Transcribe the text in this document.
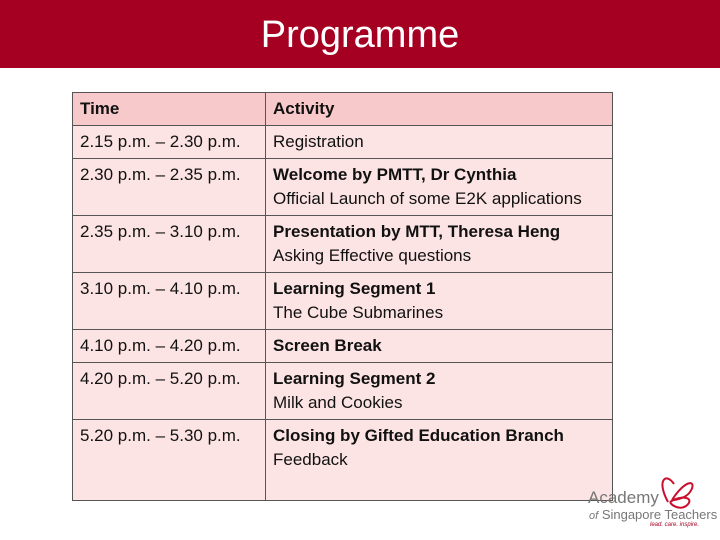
Programme
Time	Activity
2.15 p.m. – 2.30 p.m.	Registration

2.30 p.m. – 2.35 p.m.	Welcome by PMTT, Dr Cynthia
Official Launch of some E2K applications

2.35 p.m. – 3.10 p.m.	Presentation by MTT, Theresa Heng
Asking Effective questions

3.10 p.m. – 4.10 p.m.	Learning Segment 1
The Cube Submarines

4.10 p.m. – 4.20 p.m.	Screen Break

4.20 p.m. – 5.20 p.m.	Learning Segment 2
Milk and Cookies

5.20 p.m. – 5.30 p.m.	Closing by Gifted Education Branch
Feedback
Academy
of Singapore Teachers
lead. care. inspire.
